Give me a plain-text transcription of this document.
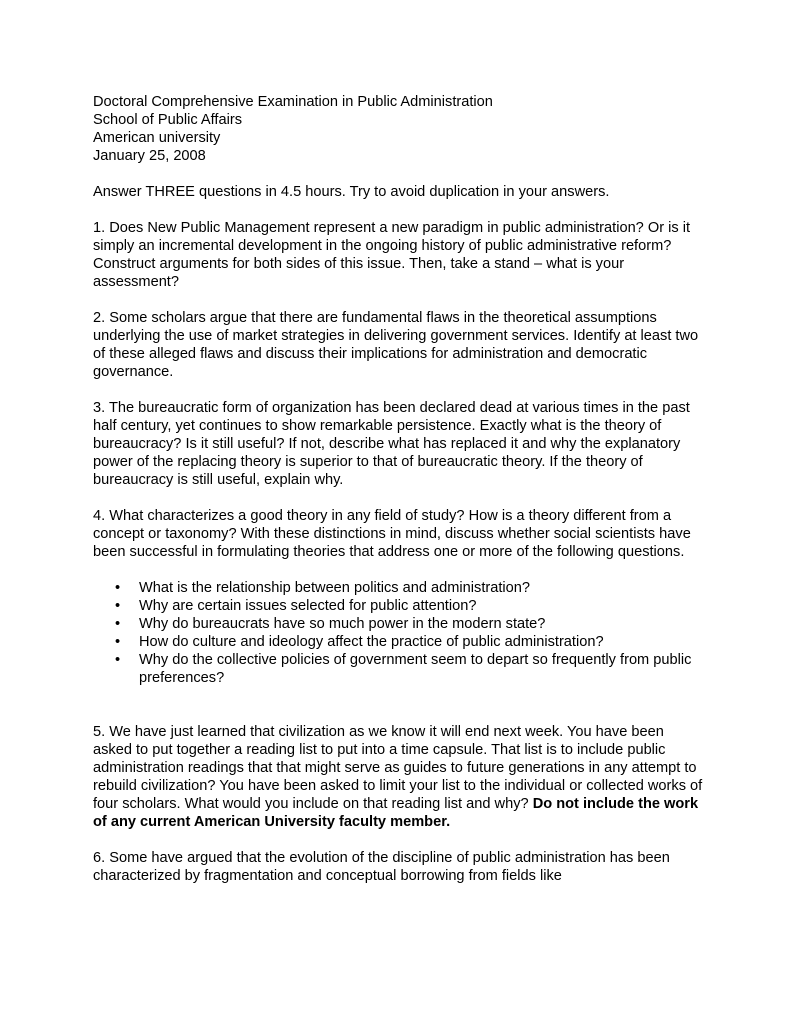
Doctoral Comprehensive Examination in Public Administration
School of Public Affairs
American university
January 25, 2008

Answer THREE questions in 4.5 hours. Try to avoid duplication in your answers.

1. Does New Public Management represent a new paradigm in public administration? Or is it simply an incremental development in the ongoing history of public administrative reform? Construct arguments for both sides of this issue. Then, take a stand – what is your assessment?

2. Some scholars argue that there are fundamental flaws in the theoretical assumptions underlying the use of market strategies in delivering government services. Identify at least two of these alleged flaws and discuss their implications for administration and democratic governance.

3. The bureaucratic form of organization has been declared dead at various times in the past half century, yet continues to show remarkable persistence. Exactly what is the theory of bureaucracy? Is it still useful? If not, describe what has replaced it and why the explanatory power of the replacing theory is superior to that of bureaucratic theory. If the theory of bureaucracy is still useful, explain why.

4. What characterizes a good theory in any field of study? How is a theory different from a concept or taxonomy? With these distinctions in mind, discuss whether social scientists have been successful in formulating theories that address one or more of the following questions.

• What is the relationship between politics and administration?
• Why are certain issues selected for public attention?
• Why do bureaucrats have so much power in the modern state?
• How do culture and ideology affect the practice of public administration?
• Why do the collective policies of government seem to depart so frequently from public preferences?

5. We have just learned that civilization as we know it will end next week. You have been asked to put together a reading list to put into a time capsule. That list is to include public administration readings that that might serve as guides to future generations in any attempt to rebuild civilization? You have been asked to limit your list to the individual or collected works of four scholars. What would you include on that reading list and why? Do not include the work of any current American University faculty member.

6. Some have argued that the evolution of the discipline of public administration has been characterized by fragmentation and conceptual borrowing from fields like
